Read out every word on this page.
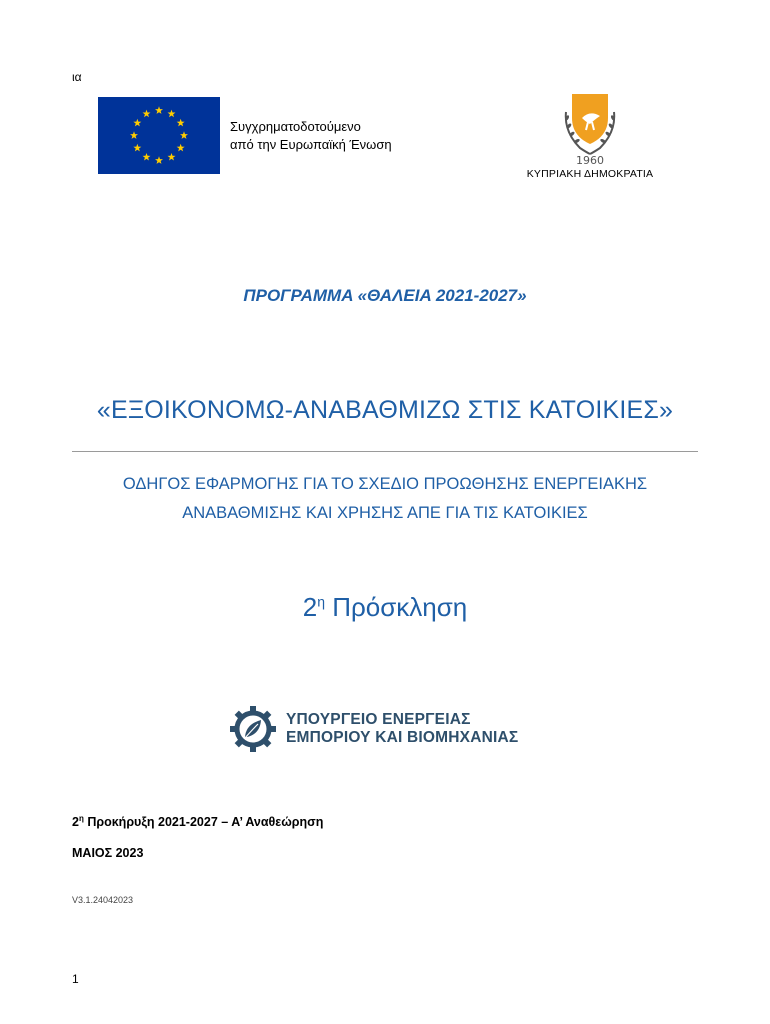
ια
Συγχρηματοδοτούμενο
από την Ευρωπαϊκή Ένωση
1960
ΚΥΠΡΙΑΚΗ ΔΗΜΟΚΡΑΤΙΑ
ΠΡΟΓΡΑΜΜΑ «ΘΑΛΕΙΑ 2021-2027»
«ΕΞΟΙΚΟΝΟΜΩ-ΑΝΑΒΑΘΜΙΖΩ ΣΤΙΣ ΚΑΤΟΙΚΙΕΣ»
ΟΔΗΓΟΣ ΕΦΑΡΜΟΓΗΣ ΓΙΑ ΤΟ ΣΧΕΔΙΟ ΠΡΟΩΘΗΣΗΣ ΕΝΕΡΓΕΙΑΚΗΣ
ΑΝΑΒΑΘΜΙΣΗΣ ΚΑΙ ΧΡΗΣΗΣ ΑΠΕ ΓΙΑ ΤΙΣ ΚΑΤΟΙΚΙΕΣ
$2^\eta$ Πρόσκληση
ΥΠΟΥΡΓΕΙΟ ΕΝΕΡΓΕΙΑΣ
ΕΜΠΟΡΙΟΥ ΚΑΙ ΒΙΟΜΗΧΑΝΙΑΣ
$2^\eta$ Προκήρυξη 2021-2027 – Α’ Αναθεώρηση
ΜΑΙΟΣ 2023
V3.1.24042023
1
